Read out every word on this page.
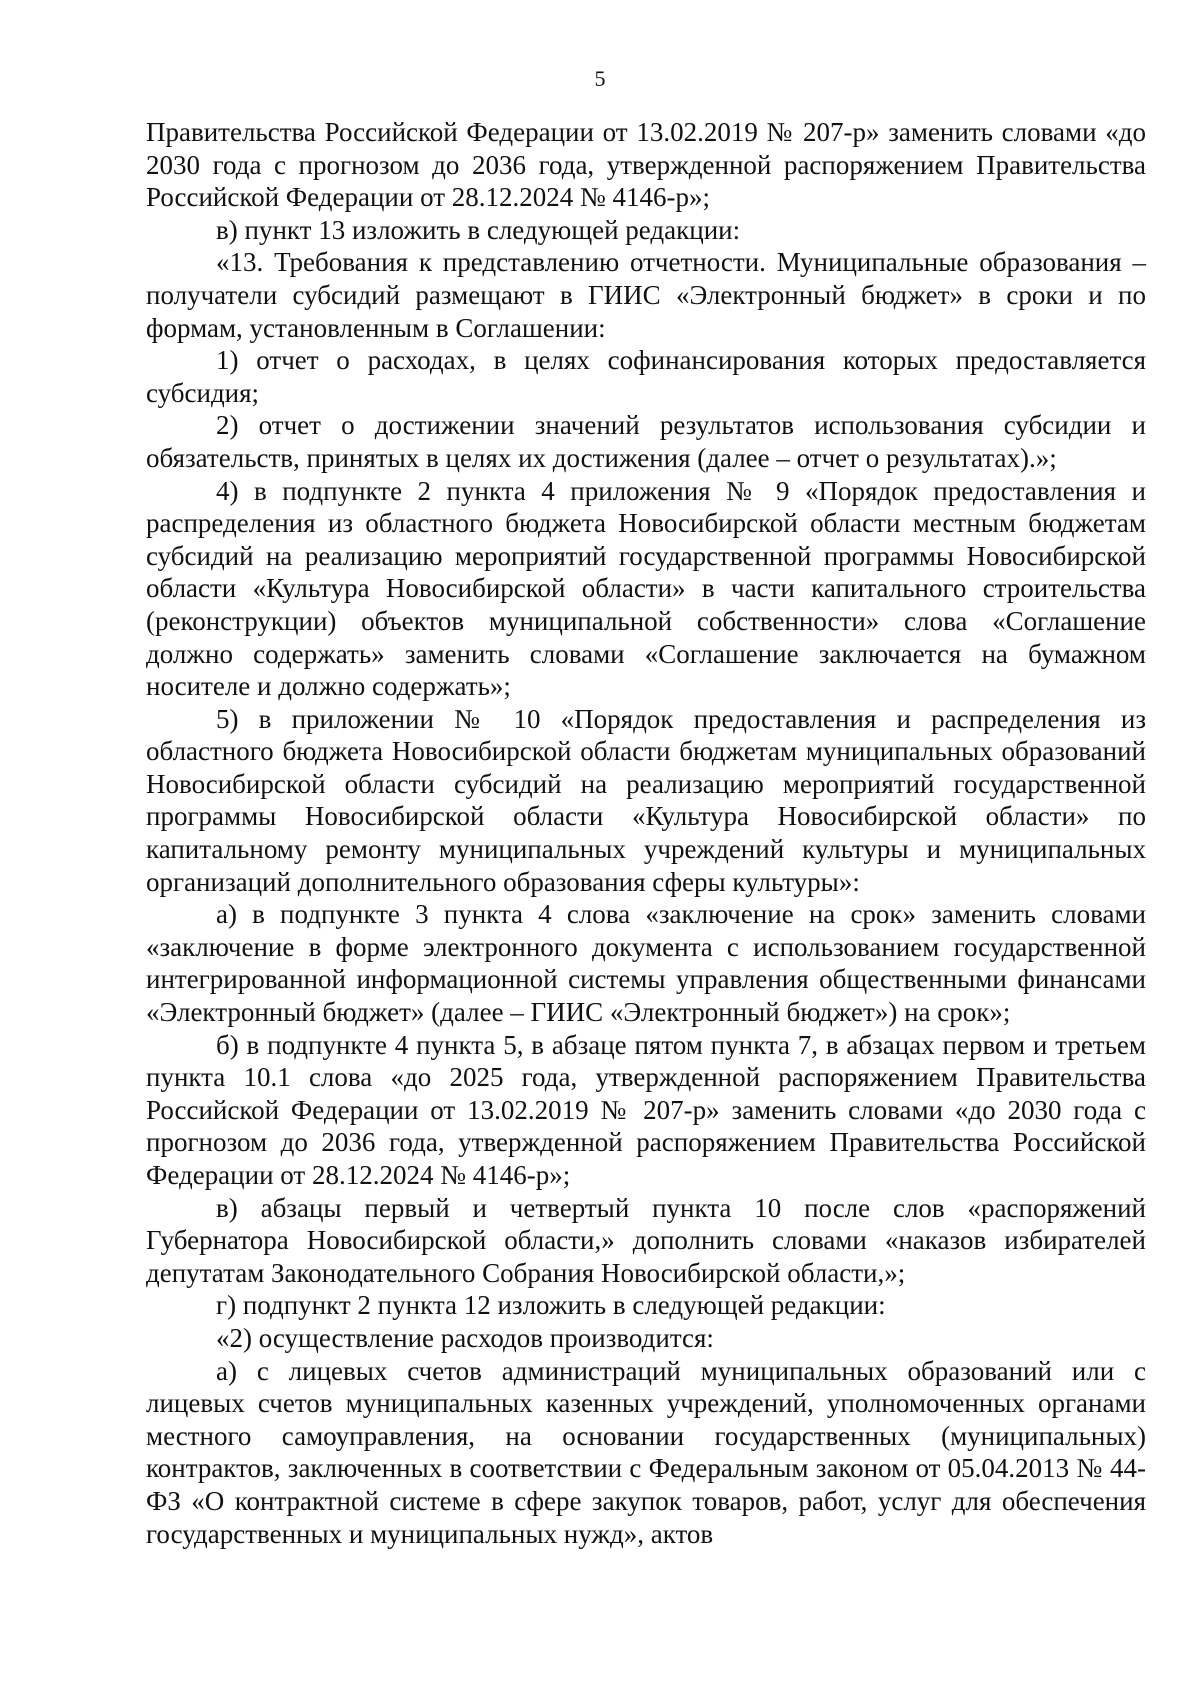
5

Правительства Российской Федерации от 13.02.2019 № 207-р» заменить словами «до 2030 года с прогнозом до 2036 года, утвержденной распоряжением Правительства Российской Федерации от 28.12.2024 № 4146-р»;

в) пункт 13 изложить в следующей редакции:

«13. Требования к представлению отчетности. Муниципальные образования – получатели субсидий размещают в ГИИС «Электронный бюджет» в сроки и по формам, установленным в Соглашении:

1) отчет о расходах, в целях софинансирования которых предоставляется субсидия;

2) отчет о достижении значений результатов использования субсидии и обязательств, принятых в целях их достижения (далее – отчет о результатах).»;

4) в подпункте 2 пункта 4 приложения № 9 «Порядок предоставления и распределения из областного бюджета Новосибирской области местным бюджетам субсидий на реализацию мероприятий государственной программы Новосибирской области «Культура Новосибирской области» в части капитального строительства (реконструкции) объектов муниципальной собственности» слова «Соглашение должно содержать» заменить словами «Соглашение заключается на бумажном носителе и должно содержать»;

5) в приложении № 10 «Порядок предоставления и распределения из областного бюджета Новосибирской области бюджетам муниципальных образований Новосибирской области субсидий на реализацию мероприятий государственной программы Новосибирской области «Культура Новосибирской области» по капитальному ремонту муниципальных учреждений культуры и муниципальных организаций дополнительного образования сферы культуры»:

а) в подпункте 3 пункта 4 слова «заключение на срок» заменить словами «заключение в форме электронного документа с использованием государственной интегрированной информационной системы управления общественными финансами «Электронный бюджет» (далее – ГИИС «Электронный бюджет») на срок»;

б) в подпункте 4 пункта 5, в абзаце пятом пункта 7, в абзацах первом и третьем пункта 10.1 слова «до 2025 года, утвержденной распоряжением Правительства Российской Федерации от 13.02.2019 № 207-р» заменить словами «до 2030 года с прогнозом до 2036 года, утвержденной распоряжением Правительства Российской Федерации от 28.12.2024 № 4146-р»;

в) абзацы первый и четвертый пункта 10 после слов «распоряжений Губернатора Новосибирской области,» дополнить словами «наказов избирателей депутатам Законодательного Собрания Новосибирской области,»;

г) подпункт 2 пункта 12 изложить в следующей редакции:

«2) осуществление расходов производится:

а) с лицевых счетов администраций муниципальных образований или с лицевых счетов муниципальных казенных учреждений, уполномоченных органами местного самоуправления, на основании государственных (муниципальных) контрактов, заключенных в соответствии с Федеральным законом от 05.04.2013 № 44-ФЗ «О контрактной системе в сфере закупок товаров, работ, услуг для обеспечения государственных и муниципальных нужд», актов
